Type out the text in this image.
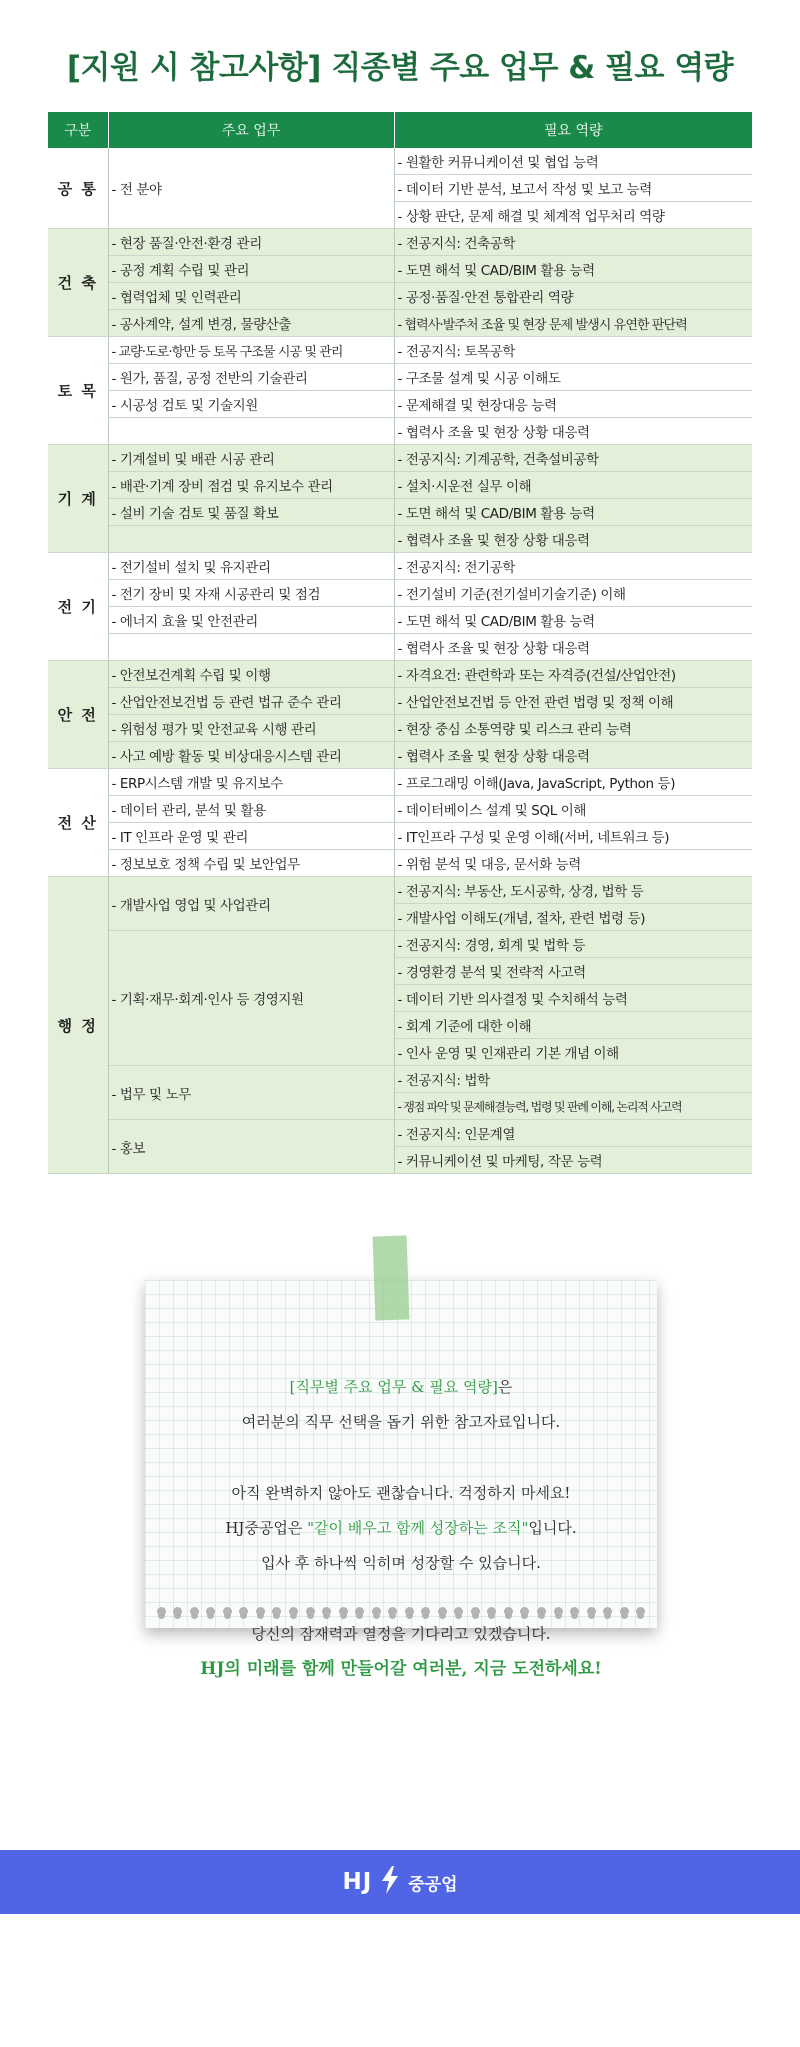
[지원 시 참고사항] 직종별 주요 업무 & 필요 역량
구분	주요 업무	필요 역량
공 통	- 전 분야	- 원활한 커뮤니케이션 및 협업 능력
		- 데이터 기반 분석, 보고서 작성 및 보고 능력
		- 상황 판단, 문제 해결 및 체계적 업무처리 역량
건 축	- 현장 품질·안전·환경 관리	- 전공지식: 건축공학
	- 공정 계획 수립 및 관리	- 도면 해석 및 CAD/BIM 활용 능력
	- 협력업체 및 인력관리	- 공정·품질·안전 통합관리 역량
	- 공사계약, 설계 변경, 물량산출	- 협력사·발주처 조율 및 현장 문제 발생시 유연한 판단력
토 목	- 교량·도로·항만 등 토목 구조물 시공 및 관리	- 전공지식: 토목공학
	- 원가, 품질, 공정 전반의 기술관리	- 구조물 설계 및 시공 이해도
	- 시공성 검토 및 기술지원	- 문제해결 및 현장대응 능력
		- 협력사 조율 및 현장 상황 대응력
기 계	- 기계설비 및 배관 시공 관리	- 전공지식: 기계공학, 건축설비공학
	- 배관·기계 장비 점검 및 유지보수 관리	- 설치·시운전 실무 이해
	- 설비 기술 검토 및 품질 확보	- 도면 해석 및 CAD/BIM 활용 능력
		- 협력사 조율 및 현장 상황 대응력
전 기	- 전기설비 설치 및 유지관리	- 전공지식: 전기공학
	- 전기 장비 및 자재 시공관리 및 점검	- 전기설비 기준(전기설비기술기준) 이해
	- 에너지 효율 및 안전관리	- 도면 해석 및 CAD/BIM 활용 능력
		- 협력사 조율 및 현장 상황 대응력
안 전	- 안전보건계획 수립 및 이행	- 자격요건: 관련학과 또는 자격증(건설/산업안전)
	- 산업안전보건법 등 관련 법규 준수 관리	- 산업안전보건법 등 안전 관련 법령 및 정책 이해
	- 위험성 평가 및 안전교육 시행 관리	- 현장 중심 소통역량 및 리스크 관리 능력
	- 사고 예방 활동 및 비상대응시스템 관리	- 협력사 조율 및 현장 상황 대응력
전 산	- ERP시스템 개발 및 유지보수	- 프로그래밍 이해(Java, JavaScript, Python 등)
	- 데이터 관리, 분석 및 활용	- 데이터베이스 설계 및 SQL 이해
	- IT 인프라 운영 및 관리	- IT인프라 구성 및 운영 이해(서버, 네트워크 등)
	- 정보보호 정책 수립 및 보안업무	- 위험 분석 및 대응, 문서화 능력
행 정	- 개발사업 영업 및 사업관리	- 전공지식: 부동산, 도시공학, 상경, 법학 등
		- 개발사업 이해도(개념, 절차, 관련 법령 등)
	- 기획·재무·회계·인사 등 경영지원	- 전공지식: 경영, 회계 및 법학 등
		- 경영환경 분석 및 전략적 사고력
		- 데이터 기반 의사결정 및 수치해석 능력
		- 회계 기준에 대한 이해
		- 인사 운영 및 인재관리 기본 개념 이해
	- 법무 및 노무	- 전공지식: 법학
		- 쟁점 파악 및 문제해결능력, 법령 및 판례 이해, 논리적 사고력
	- 홍보	- 전공지식: 인문계열
		- 커뮤니케이션 및 마케팅, 작문 능력

[직무별 주요 업무 & 필요 역량]은

여러분의 직무 선택을 돕기 위한 참고자료입니다.

아직 완벽하지 않아도 괜찮습니다. 걱정하지 마세요!

HJ중공업은 "같이 배우고 함께 성장하는 조직"입니다.

입사 후 하나씩 익히며 성장할 수 있습니다.

당신의 잠재력과 열정을 기다리고 있겠습니다.

HJ의 미래를 함께 만들어갈 여러분, 지금 도전하세요!

HJ 중공업
